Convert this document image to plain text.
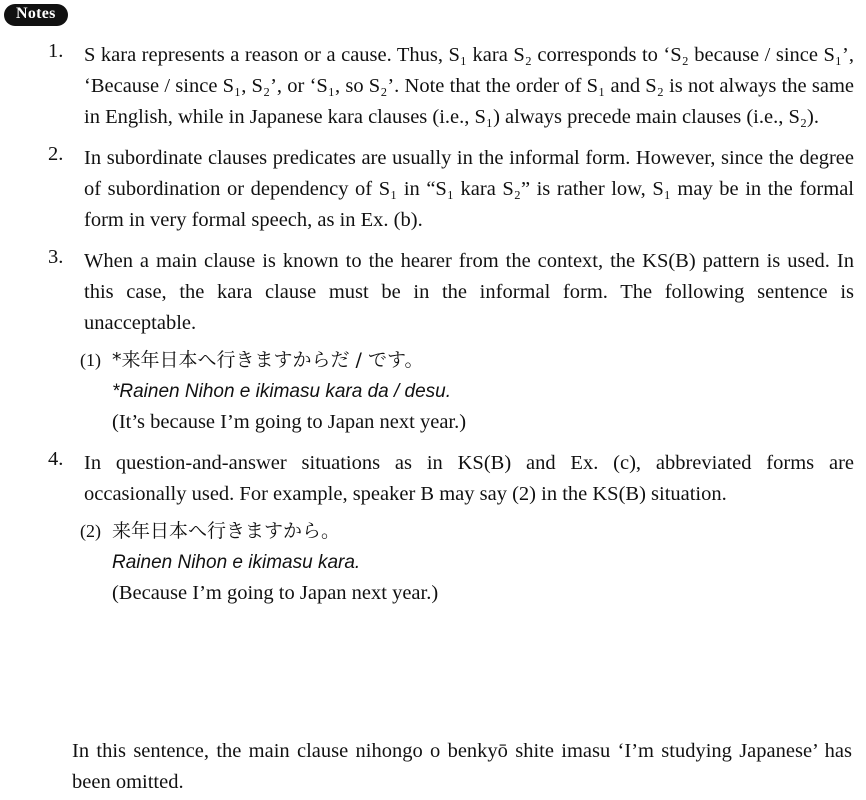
Notes
1. S kara represents a reason or a cause. Thus, S₁ kara S₂ corresponds to ‘S₂ because / since S₁’, ‘Because / since S₁, S₂’, or ‘S₁, so S₂’. Note that the order of S₁ and S₂ is not always the same in English, while in Japanese kara clauses (i.e., S₁) always precede main clauses (i.e., S₂).
2. In subordinate clauses predicates are usually in the informal form. However, since the degree of subordination or dependency of S₁ in “S₁ kara S₂” is rather low, S₁ may be in the formal form in very formal speech, as in Ex. (b).
3. When a main clause is known to the hearer from the context, the KS(B) pattern is used. In this case, the kara clause must be in the informal form. The following sentence is unacceptable.
(1) *来年日本へ行きますからだ / です。
*Rainen Nihon e ikimasu kara da / desu.
(It’s because I’m going to Japan next year.)
4. In question-and-answer situations as in KS(B) and Ex. (c), abbreviated forms are occasionally used. For example, speaker B may say (2) in the KS(B) situation.
(2) 来年日本へ行きますから。
Rainen Nihon e ikimasu kara.
(Because I’m going to Japan next year.)
In this sentence, the main clause nihongo o benkyō shite imasu ‘I’m studying Japanese’ has been omitted.
